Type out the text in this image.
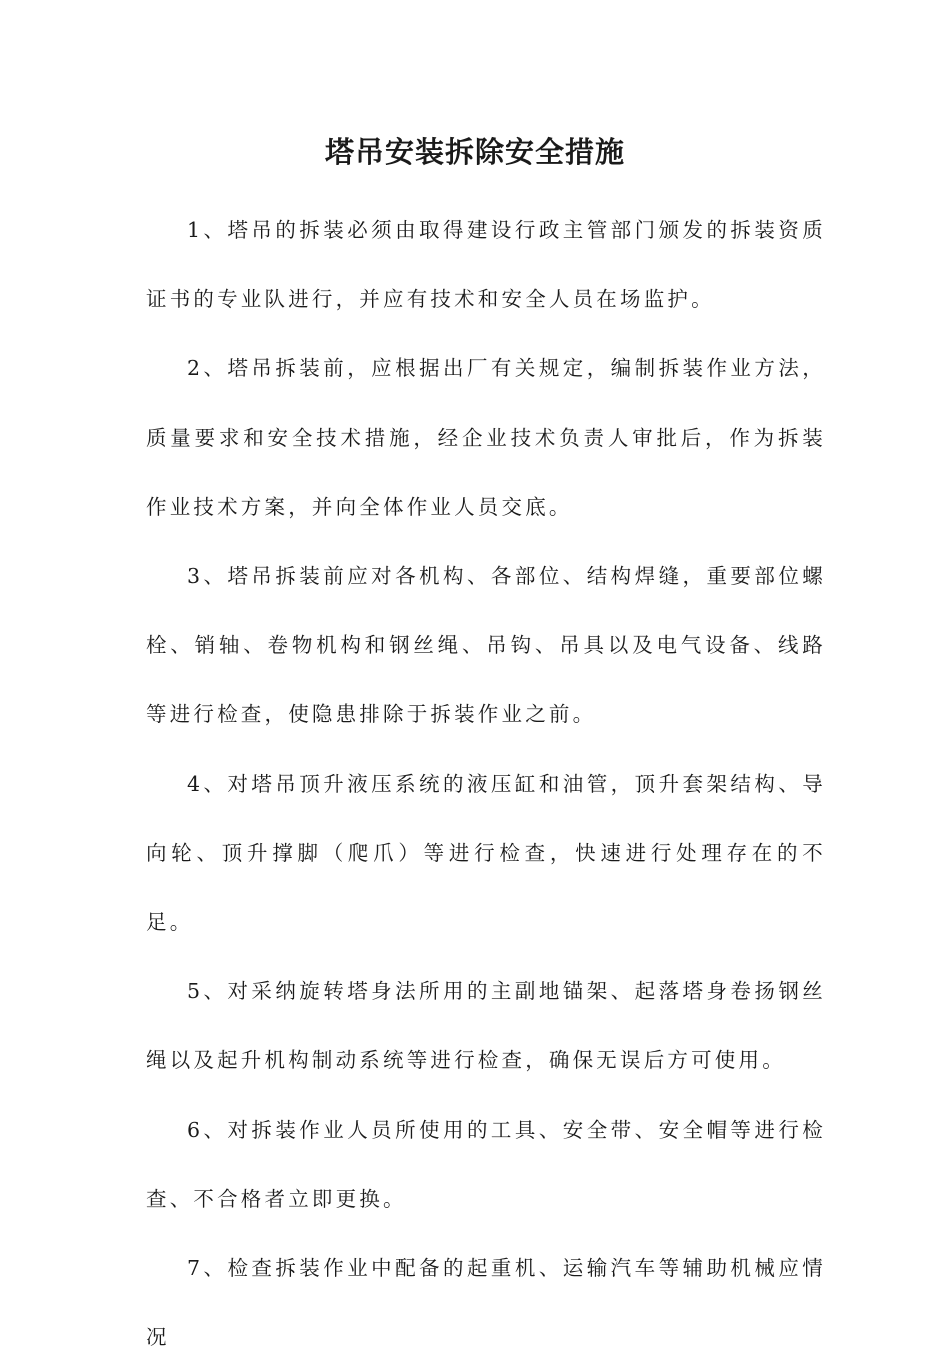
塔吊安装拆除安全措施

1、塔吊的拆装必须由取得建设行政主管部门颁发的拆装资质证书的专业队进行，并应有技术和安全人员在场监护。

2、塔吊拆装前，应根据出厂有关规定，编制拆装作业方法，质量要求和安全技术措施，经企业技术负责人审批后，作为拆装作业技术方案，并向全体作业人员交底。

3、塔吊拆装前应对各机构、各部位、结构焊缝，重要部位螺栓、销轴、卷物机构和钢丝绳、吊钩、吊具以及电气设备、线路等进行检查，使隐患排除于拆装作业之前。

4、对塔吊顶升液压系统的液压缸和油管，顶升套架结构、导向轮、顶升撑脚（爬爪）等进行检查，快速进行处理存在的不足。

5、对采纳旋转塔身法所用的主副地锚架、起落塔身卷扬钢丝绳以及起升机构制动系统等进行检查，确保无误后方可使用。

6、对拆装作业人员所使用的工具、安全带、安全帽等进行检查、不合格者立即更换。

7、检查拆装作业中配备的起重机、运输汽车等辅助机械应情况
